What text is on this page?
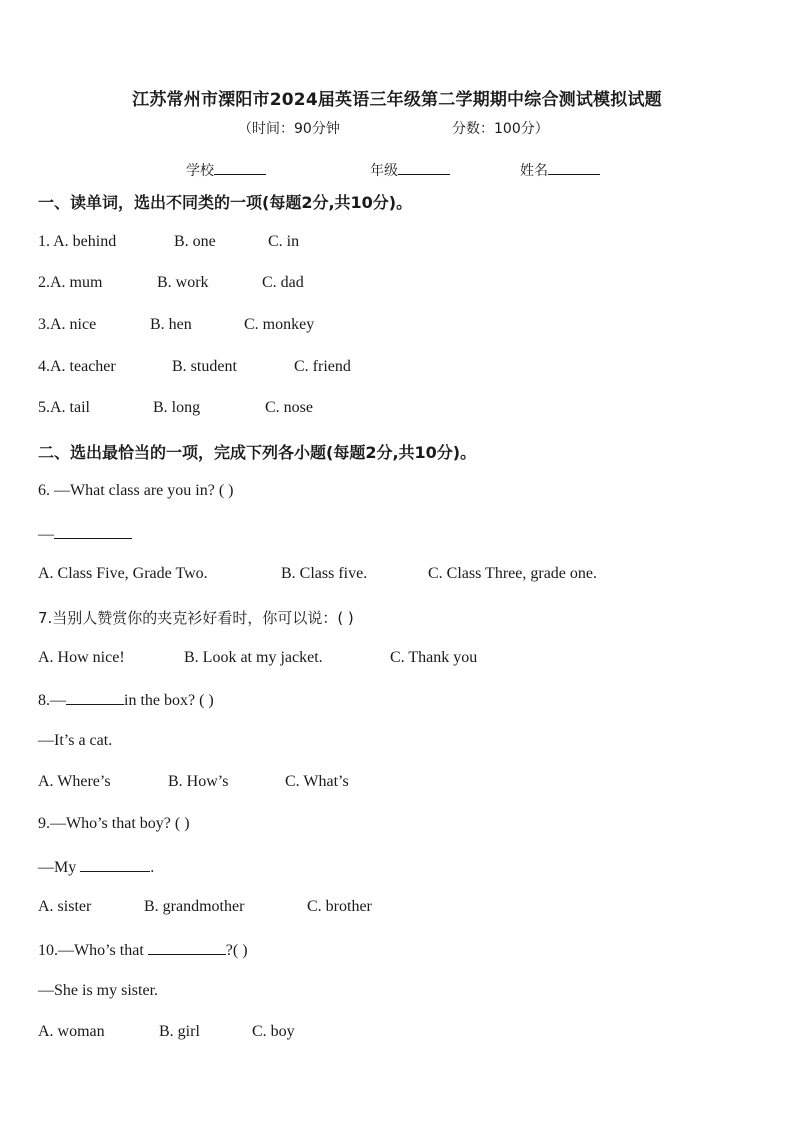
江苏常州市溧阳市2024届英语三年级第二学期期中综合测试模拟试题
（时间：90分钟	分数：100分）
学校	年级	姓名
一、读单词，选出不同类的一项(每题2分,共10分)。
1. A. behind	B. one	C. in
2.A. mum	B. work	C. dad
3.A. nice	B. hen	C. monkey
4.A. teacher	B. student	C. friend
5.A. tail	B. long	C. nose
二、选出最恰当的一项，完成下列各小题(每题2分,共10分)。
6. —What class are you in? ( )
—
A. Class Five, Grade Two.	B. Class five.	C. Class Three, grade one.
7.当别人赞赏你的夹克衫好看时，你可以说：( )
A. How nice!	B. Look at my jacket.	C. Thank you
8.—	in the box? ( )
—It’s a cat.
A. Where’s	B. How’s	C. What’s
9.—Who’s that boy? ( )
—My	.
A. sister	B. grandmother	C. brother
10.—Who’s that	?( )
—She is my sister.
A. woman	B. girl	C. boy
